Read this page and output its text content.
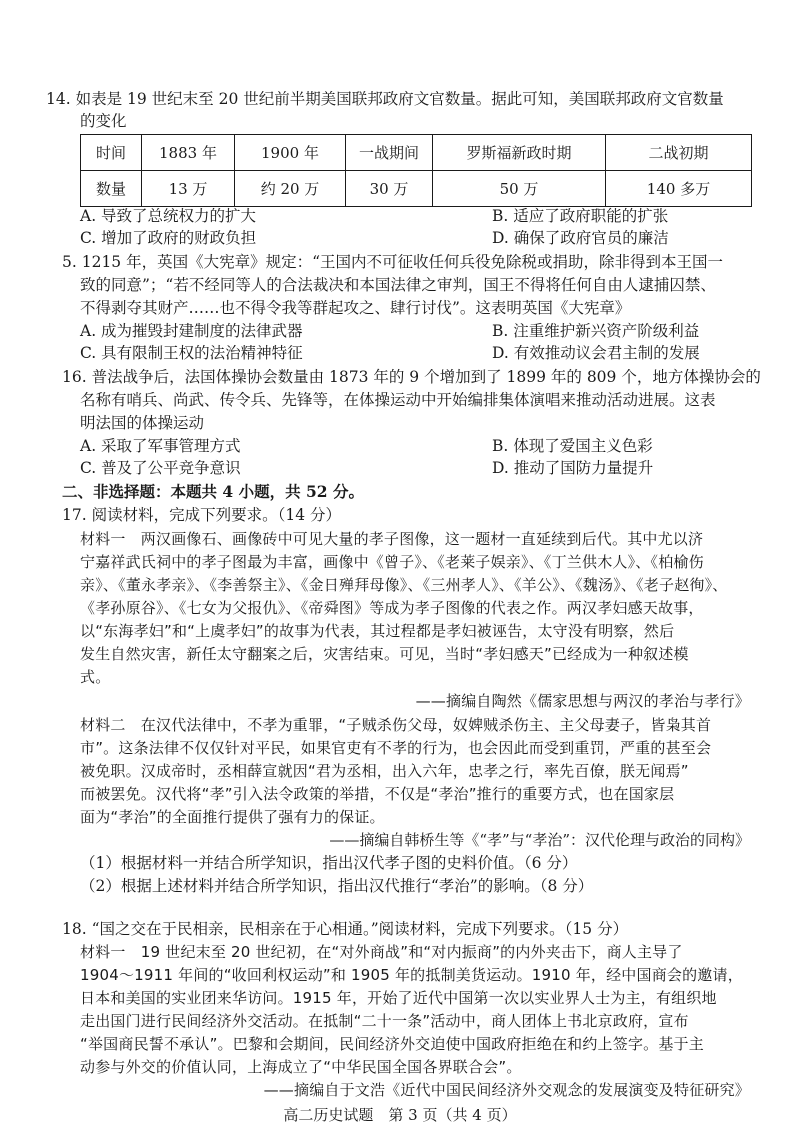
14. 如表是 19 世纪末至 20 世纪前半期美国联邦政府文官数量。据此可知，美国联邦政府文官数量
的变化
时间	1883 年	1900 年	一战期间	罗斯福新政时期	二战初期
数量	13 万	约 20 万	30 万	50 万	140 多万
A. 导致了总统权力的扩大	B. 适应了政府职能的扩张
C. 增加了政府的财政负担	D. 确保了政府官员的廉洁
5. 1215 年，英国《大宪章》规定：“王国内不可征收任何兵役免除税或捐助，除非得到本王国一
致的同意”；“若不经同等人的合法裁决和本国法律之审判，国王不得将任何自由人逮捕囚禁、
不得剥夺其财产……也不得令我等群起攻之、肆行讨伐”。这表明英国《大宪章》
A. 成为摧毁封建制度的法律武器	B. 注重维护新兴资产阶级利益
C. 具有限制王权的法治精神特征	D. 有效推动议会君主制的发展
16. 普法战争后，法国体操协会数量由 1873 年的 9 个增加到了 1899 年的 809 个，地方体操协会的
名称有哨兵、尚武、传令兵、先锋等，在体操运动中开始编排集体演唱来推动活动进展。这表
明法国的体操运动
A. 采取了军事管理方式	B. 体现了爱国主义色彩
C. 普及了公平竞争意识	D. 推动了国防力量提升
二、非选择题：本题共 4 小题，共 52 分。
17. 阅读材料，完成下列要求。（14 分）
材料一　两汉画像石、画像砖中可见大量的孝子图像，这一题材一直延续到后代。其中尤以济
宁嘉祥武氏祠中的孝子图最为丰富，画像中《曾子》、《老莱子娱亲》、《丁兰供木人》、《柏榆伤
亲》、《董永孝亲》、《李善祭主》、《金日殚拜母像》、《三州孝人》、《羊公》、《魏汤》、《老子赵徇》、
《孝孙原谷》、《七女为父报仇》、《帝舜图》等成为孝子图像的代表之作。两汉孝妇感天故事，
以“东海孝妇”和“上虞孝妇”的故事为代表，其过程都是孝妇被诬告，太守没有明察，然后
发生自然灾害，新任太守翻案之后，灾害结束。可见，当时“孝妇感天”已经成为一种叙述模
式。
——摘编自陶然《儒家思想与两汉的孝治与孝行》
材料二　在汉代法律中，不孝为重罪，“子贼杀伤父母，奴婢贼杀伤主、主父母妻子，皆枭其首
市”。这条法律不仅仅针对平民，如果官吏有不孝的行为，也会因此而受到重罚，严重的甚至会
被免职。汉成帝时，丞相薛宣就因“君为丞相，出入六年，忠孝之行，率先百僚，朕无闻焉”
而被罢免。汉代将“孝”引入法令政策的举措，不仅是“孝治”推行的重要方式，也在国家层
面为“孝治”的全面推行提供了强有力的保证。
——摘编自韩桥生等《“孝”与“孝治”：汉代伦理与政治的同构》
（1）根据材料一并结合所学知识，指出汉代孝子图的史料价值。（6 分）
（2）根据上述材料并结合所学知识，指出汉代推行“孝治”的影响。（8 分）
18. “国之交在于民相亲，民相亲在于心相通。”阅读材料，完成下列要求。（15 分）
材料一　19 世纪末至 20 世纪初，在“对外商战”和“对内振商”的内外夹击下，商人主导了
1904～1911 年间的“收回利权运动”和 1905 年的抵制美货运动。1910 年，经中国商会的邀请，
日本和美国的实业团来华访问。1915 年，开始了近代中国第一次以实业界人士为主，有组织地
走出国门进行民间经济外交活动。在抵制“二十一条”活动中，商人团体上书北京政府，宣布
“举国商民誓不承认”。巴黎和会期间，民间经济外交迫使中国政府拒绝在和约上签字。基于主
动参与外交的价值认同，上海成立了“中华民国全国各界联合会”。
——摘编自于文浩《近代中国民间经济外交观念的发展演变及特征研究》
高二历史试题　第 3 页（共 4 页）
